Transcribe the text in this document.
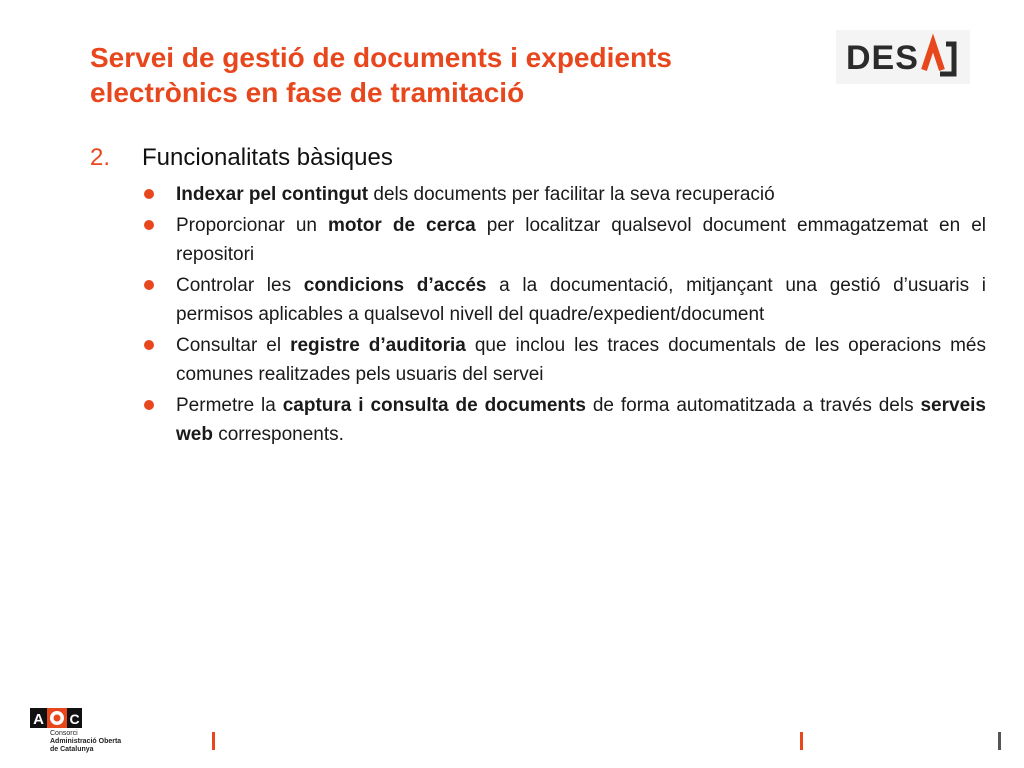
Servei de gestió de documents i expedients
electrònics en fase de tramitació
DES
2. Funcionalitats bàsiques
Indexar pel contingut dels documents per facilitar la seva recuperació
Proporcionar un motor de cerca per localitzar qualsevol document emmagatzemat en el repositori
Controlar les condicions d’accés a la documentació, mitjançant una gestió d’usuaris i permisos aplicables a qualsevol nivell del quadre/expedient/document
Consultar el registre d’auditoria que inclou les traces documentals de les operacions més comunes realitzades pels usuaris del servei
Permetre la captura i consulta de documents de forma automatitzada a través dels serveis web corresponents.
A C
Consorci
Administració Oberta
de Catalunya
